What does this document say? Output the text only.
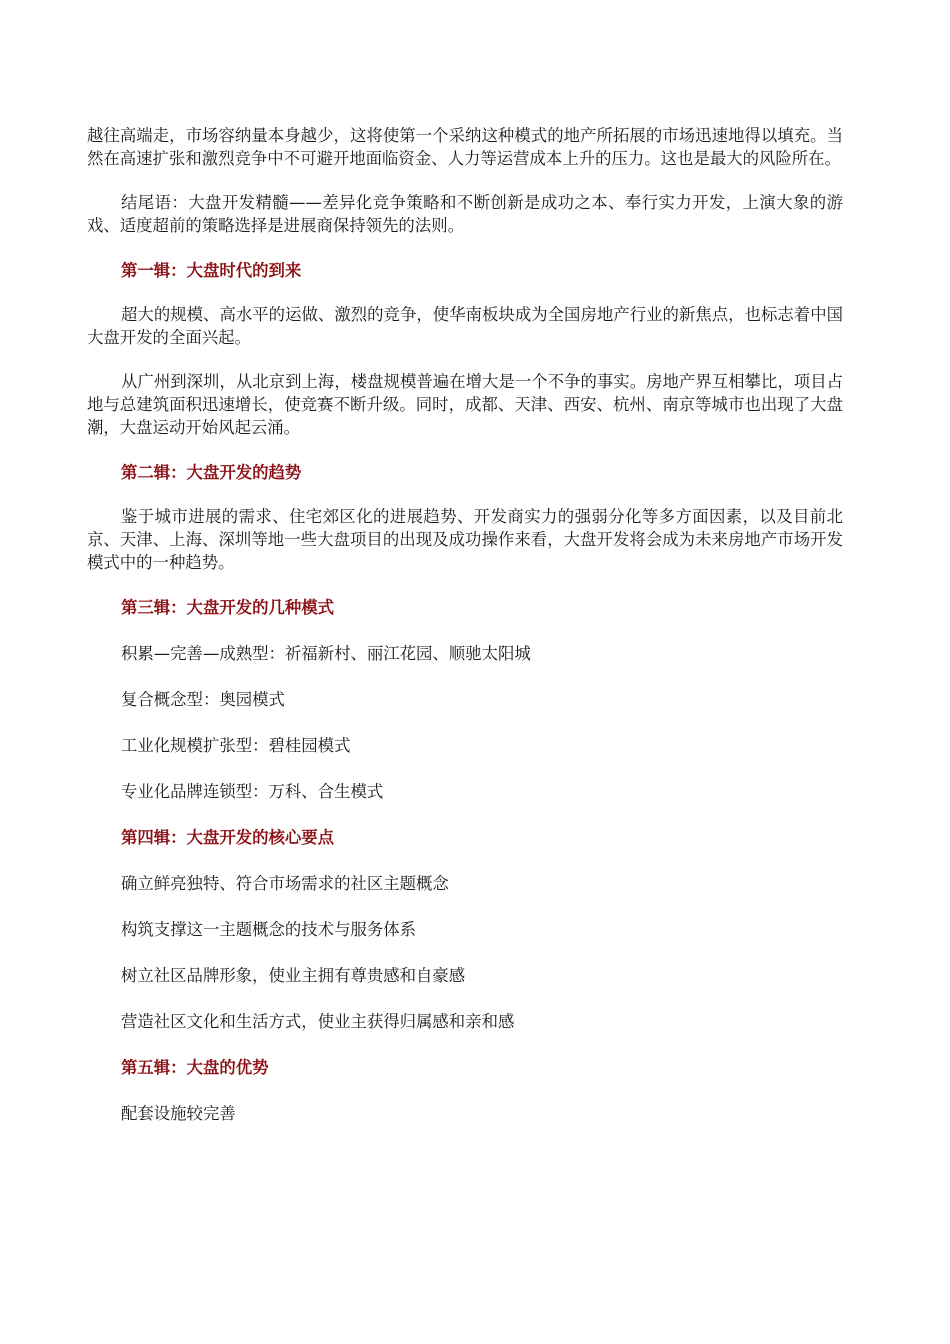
越往高端走，市场容纳量本身越少，这将使第一个采纳这种模式的地产所拓展的市场迅速地得以填充。当然在高速扩张和激烈竞争中不可避开地面临资金、人力等运营成本上升的压力。这也是最大的风险所在。

结尾语：大盘开发精髓——差异化竞争策略和不断创新是成功之本、奉行实力开发，上演大象的游戏、适度超前的策略选择是进展商保持领先的法则。

第一辑：大盘时代的到来

超大的规模、高水平的运做、激烈的竞争，使华南板块成为全国房地产行业的新焦点，也标志着中国大盘开发的全面兴起。

从广州到深圳，从北京到上海，楼盘规模普遍在增大是一个不争的事实。房地产界互相攀比，项目占地与总建筑面积迅速增长，使竞赛不断升级。同时，成都、天津、西安、杭州、南京等城市也出现了大盘潮，大盘运动开始风起云涌。

第二辑：大盘开发的趋势

鉴于城市进展的需求、住宅郊区化的进展趋势、开发商实力的强弱分化等多方面因素，以及目前北京、天津、上海、深圳等地一些大盘项目的出现及成功操作来看，大盘开发将会成为未来房地产市场开发模式中的一种趋势。

第三辑：大盘开发的几种模式

积累—完善—成熟型：祈福新村、丽江花园、顺驰太阳城

复合概念型：奥园模式

工业化规模扩张型：碧桂园模式

专业化品牌连锁型：万科、合生模式

第四辑：大盘开发的核心要点

确立鲜亮独特、符合市场需求的社区主题概念

构筑支撑这一主题概念的技术与服务体系

树立社区品牌形象，使业主拥有尊贵感和自豪感

营造社区文化和生活方式，使业主获得归属感和亲和感

第五辑：大盘的优势

配套设施较完善
